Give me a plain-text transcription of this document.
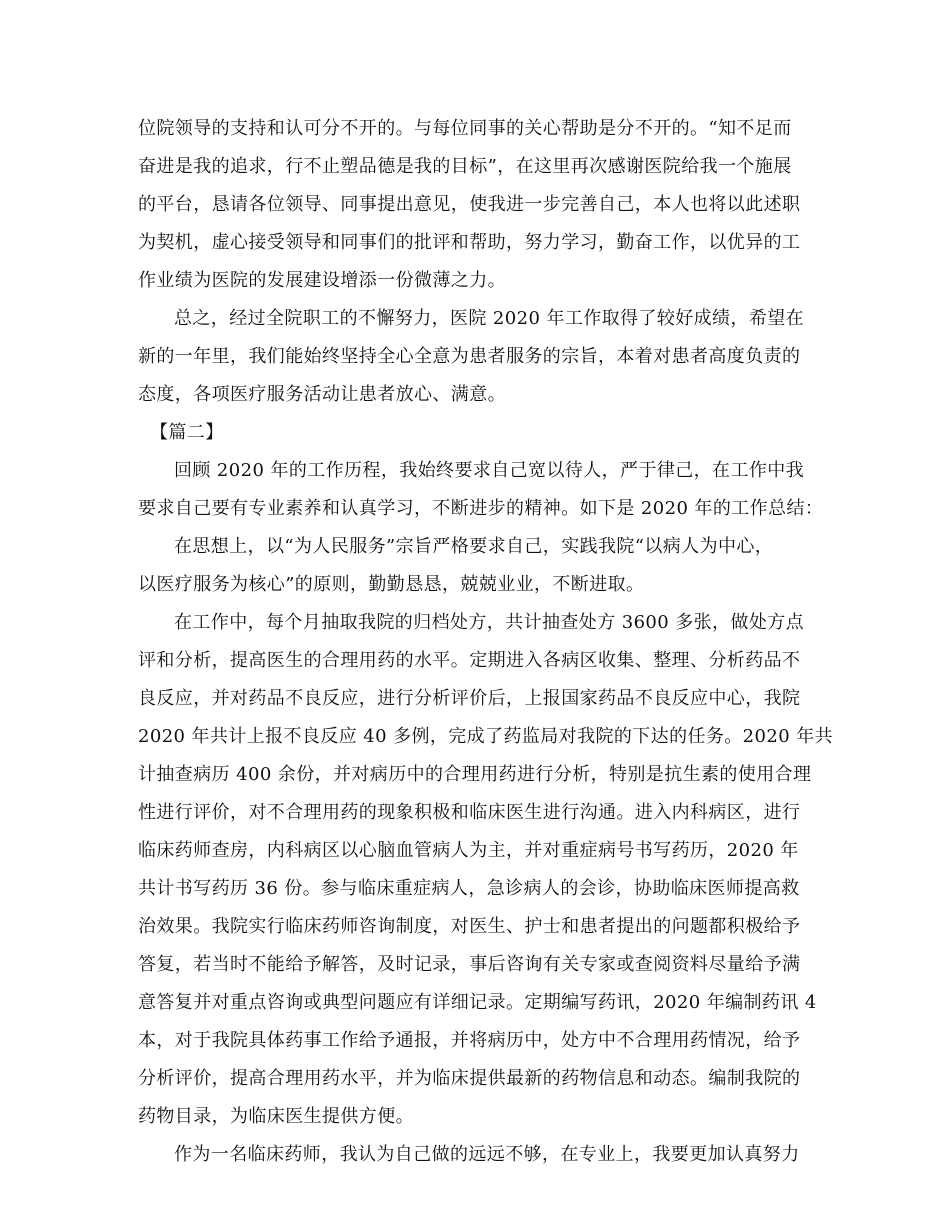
位院领导的支持和认可分不开的。与每位同事的关心帮助是分不开的。“知不足而
奋进是我的追求，行不止塑品德是我的目标”，在这里再次感谢医院给我一个施展
的平台，恳请各位领导、同事提出意见，使我进一步完善自己，本人也将以此述职
为契机，虚心接受领导和同事们的批评和帮助，努力学习，勤奋工作，以优异的工
作业绩为医院的发展建设增添一份微薄之力。
总之，经过全院职工的不懈努力，医院 2020 年工作取得了较好成绩，希望在
新的一年里，我们能始终坚持全心全意为患者服务的宗旨，本着对患者高度负责的
态度，各项医疗服务活动让患者放心、满意。
【篇二】
回顾 2020 年的工作历程，我始终要求自己宽以待人，严于律己，在工作中我
要求自己要有专业素养和认真学习，不断进步的精神。如下是 2020 年的工作总结：
在思想上，以“为人民服务”宗旨严格要求自己，实践我院“以病人为中心，
以医疗服务为核心”的原则，勤勤恳恳，兢兢业业，不断进取。
在工作中，每个月抽取我院的归档处方，共计抽查处方 3600 多张，做处方点
评和分析，提高医生的合理用药的水平。定期进入各病区收集、整理、分析药品不
良反应，并对药品不良反应，进行分析评价后，上报国家药品不良反应中心，我院
2020 年共计上报不良反应 40 多例，完成了药监局对我院的下达的任务。2020 年共
计抽查病历 400 余份，并对病历中的合理用药进行分析，特别是抗生素的使用合理
性进行评价，对不合理用药的现象积极和临床医生进行沟通。进入内科病区，进行
临床药师查房，内科病区以心脑血管病人为主，并对重症病号书写药历，2020 年
共计书写药历 36 份。参与临床重症病人，急诊病人的会诊，协助临床医师提高救
治效果。我院实行临床药师咨询制度，对医生、护士和患者提出的问题都积极给予
答复，若当时不能给予解答，及时记录，事后咨询有关专家或查阅资料尽量给予满
意答复并对重点咨询或典型问题应有详细记录。定期编写药讯，2020 年编制药讯 4
本，对于我院具体药事工作给予通报，并将病历中，处方中不合理用药情况，给予
分析评价，提高合理用药水平，并为临床提供最新的药物信息和动态。编制我院的
药物目录，为临床医生提供方便。
作为一名临床药师，我认为自己做的远远不够，在专业上，我要更加认真努力
